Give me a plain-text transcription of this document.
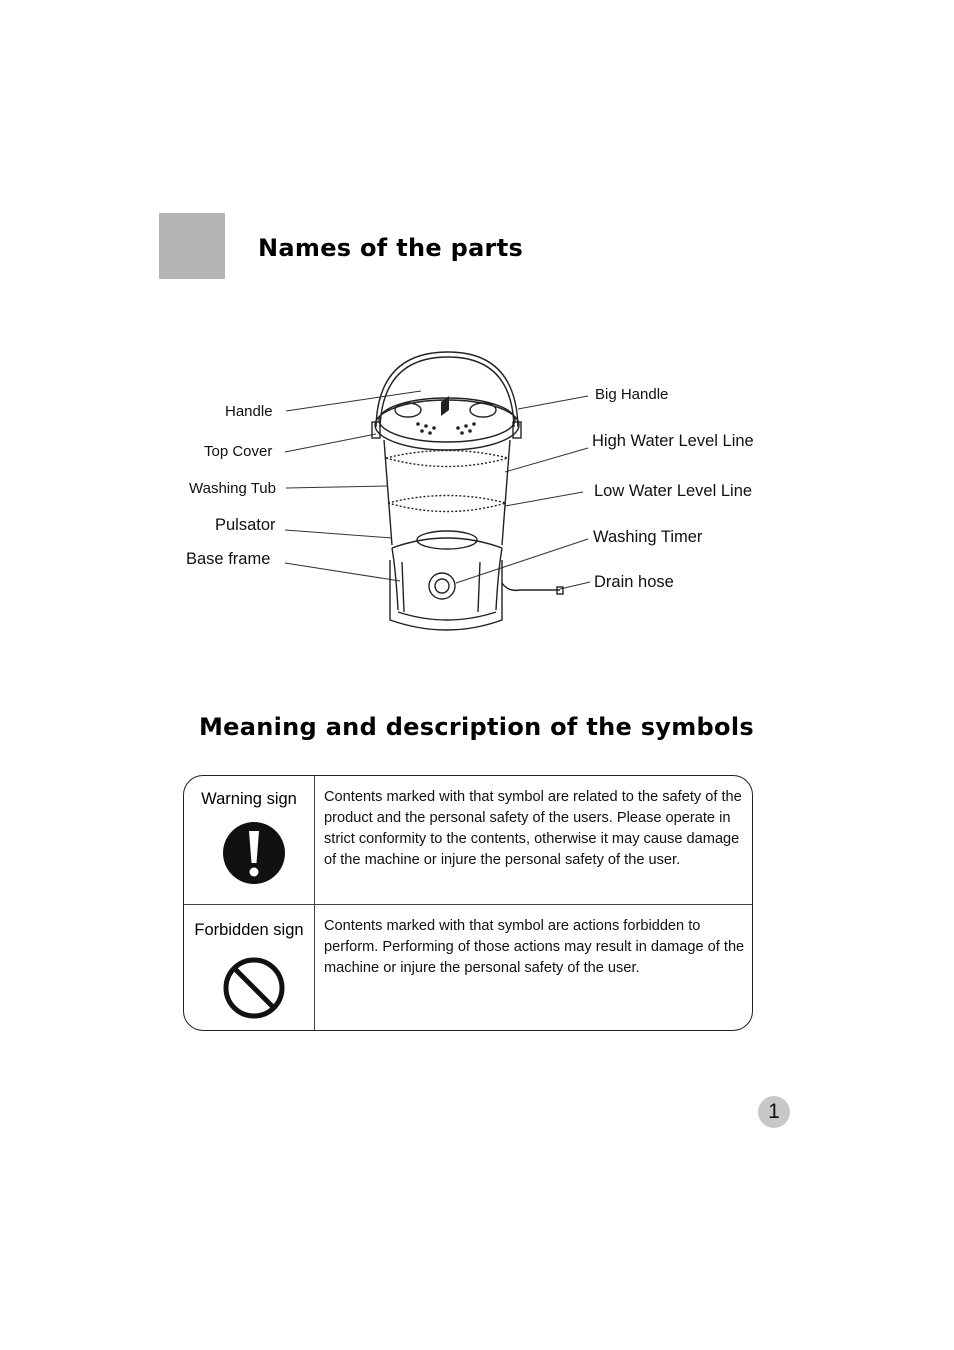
Names of the parts
Handle
Top Cover
Washing Tub
Pulsator
Base frame
Big Handle
High Water Level Line
Low Water Level Line
Washing Timer
Drain hose
Meaning and description of the symbols
Warning sign	Contents marked with that symbol are related to the safety of the product and the personal safety of the users. Please operate in strict conformity to the contents, otherwise it may cause damage of the machine or injure the personal safety of the user.

Forbidden sign	Contents marked with that symbol are actions forbidden to perform. Performing of those actions may result in damage of the machine or injure the personal safety of the user.

1
